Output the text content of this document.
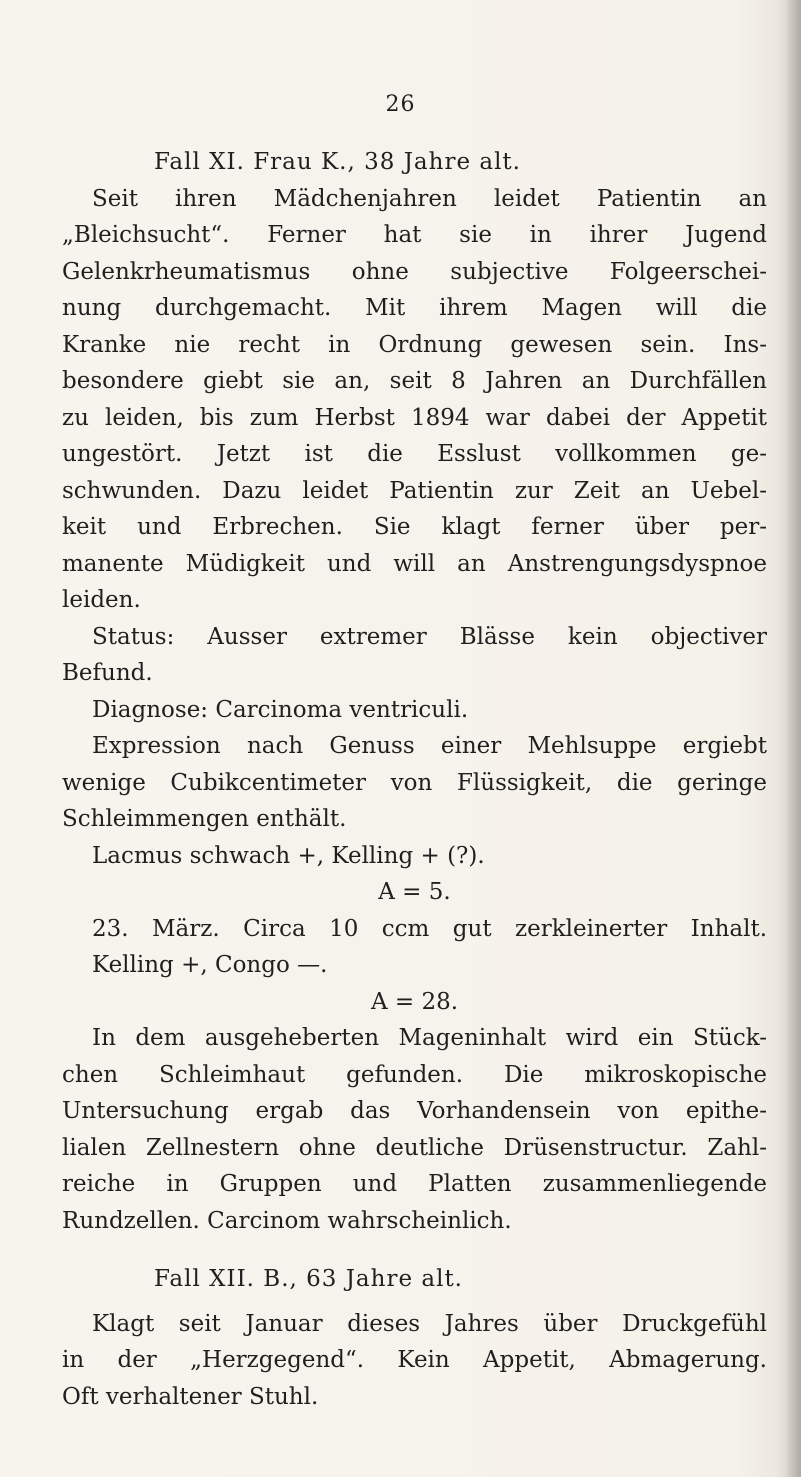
26
Fall XI. Frau K., 38 Jahre alt.
Seit ihren Mädchenjahren leidet Patientin an
„Bleichsucht“. Ferner hat sie in ihrer Jugend
Gelenkrheumatismus ohne subjective Folgeerschei-
nung durchgemacht. Mit ihrem Magen will die
Kranke nie recht in Ordnung gewesen sein. Ins-
besondere giebt sie an, seit 8 Jahren an Durchfällen
zu leiden, bis zum Herbst 1894 war dabei der Appetit
ungestört. Jetzt ist die Esslust vollkommen ge-
schwunden. Dazu leidet Patientin zur Zeit an Uebel-
keit und Erbrechen. Sie klagt ferner über per-
manente Müdigkeit und will an Anstrengungsdyspnoe
leiden.
Status: Ausser extremer Blässe kein objectiver
Befund.
Diagnose: Carcinoma ventriculi.
Expression nach Genuss einer Mehlsuppe ergiebt
wenige Cubikcentimeter von Flüssigkeit, die geringe
Schleimmengen enthält.
Lacmus schwach +, Kelling + (?).
A = 5.
23. März. Circa 10 ccm gut zerkleinerter Inhalt.
Kelling +, Congo —.
A = 28.
In dem ausgeheberten Mageninhalt wird ein Stück-
chen Schleimhaut gefunden. Die mikroskopische
Untersuchung ergab das Vorhandensein von epithe-
lialen Zellnestern ohne deutliche Drüsenstructur. Zahl-
reiche in Gruppen und Platten zusammenliegende
Rundzellen. Carcinom wahrscheinlich.
Fall XII. B., 63 Jahre alt.
Klagt seit Januar dieses Jahres über Druckgefühl
in der „Herzgegend“. Kein Appetit, Abmagerung.
Oft verhaltener Stuhl.
